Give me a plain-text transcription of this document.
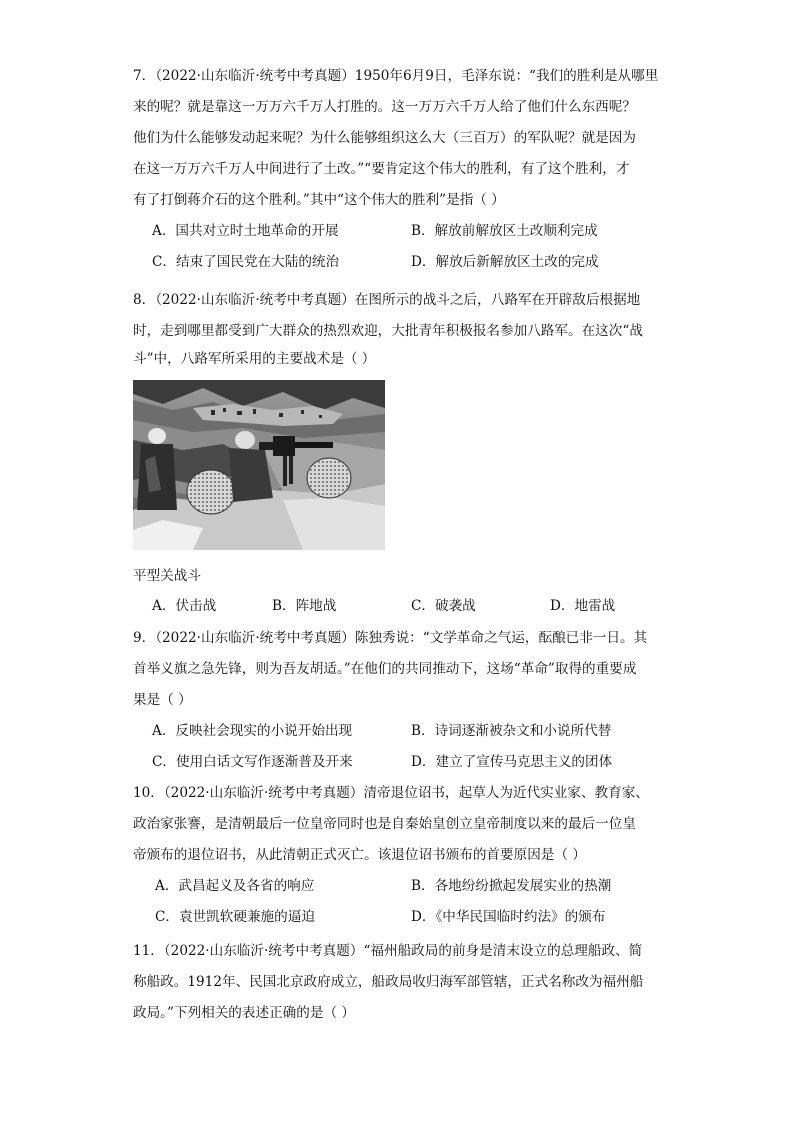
7．（2022·山东临沂·统考中考真题）1950年6月9日，毛泽东说：“我们的胜利是从哪里
来的呢？就是靠这一万万六千万人打胜的。这一万万六千万人给了他们什么东西呢？
他们为什么能够发动起来呢？为什么能够组织这么大（三百万）的军队呢？就是因为
在这一万万六千万人中间进行了土改。”“要肯定这个伟大的胜利，有了这个胜利，才
有了打倒蒋介石的这个胜利。”其中“这个伟大的胜利”是指（ ）
A．国共对立时土地革命的开展	B．解放前解放区土改顺利完成
C．结束了国民党在大陆的统治	D．解放后新解放区土改的完成
8．（2022·山东临沂·统考中考真题）在图所示的战斗之后，八路军在开辟敌后根据地
时，走到哪里都受到广大群众的热烈欢迎，大批青年积极报名参加八路军。在这次“战
斗”中，八路军所采用的主要战术是（ ）
平型关战斗
A．伏击战	B．阵地战	C．破袭战	D．地雷战
9．（2022·山东临沂·统考中考真题）陈独秀说：“文学革命之气运，酝酿已非一日。其
首举义旗之急先锋，则为吾友胡适。”在他们的共同推动下，这场“革命”取得的重要成
果是（ ）
A．反映社会现实的小说开始出现	B．诗词逐渐被杂文和小说所代替
C．使用白话文写作逐渐普及开来	D．建立了宣传马克思主义的团体
10．（2022·山东临沂·统考中考真题）清帝退位诏书，起草人为近代实业家、教育家、
政治家张謇，是清朝最后一位皇帝同时也是自秦始皇创立皇帝制度以来的最后一位皇
帝颁布的退位诏书，从此清朝正式灭亡。该退位诏书颁布的首要原因是（ ）
A．武昌起义及各省的响应	B．各地纷纷掀起发展实业的热潮
C．袁世凯软硬兼施的逼迫	D．《中华民国临时约法》的颁布
11．（2022·山东临沂·统考中考真题）“福州船政局的前身是清末设立的总理船政、简
称船政。1912年、民国北京政府成立，船政局收归海军部管辖，正式名称改为福州船
政局。”下列相关的表述正确的是（ ）
